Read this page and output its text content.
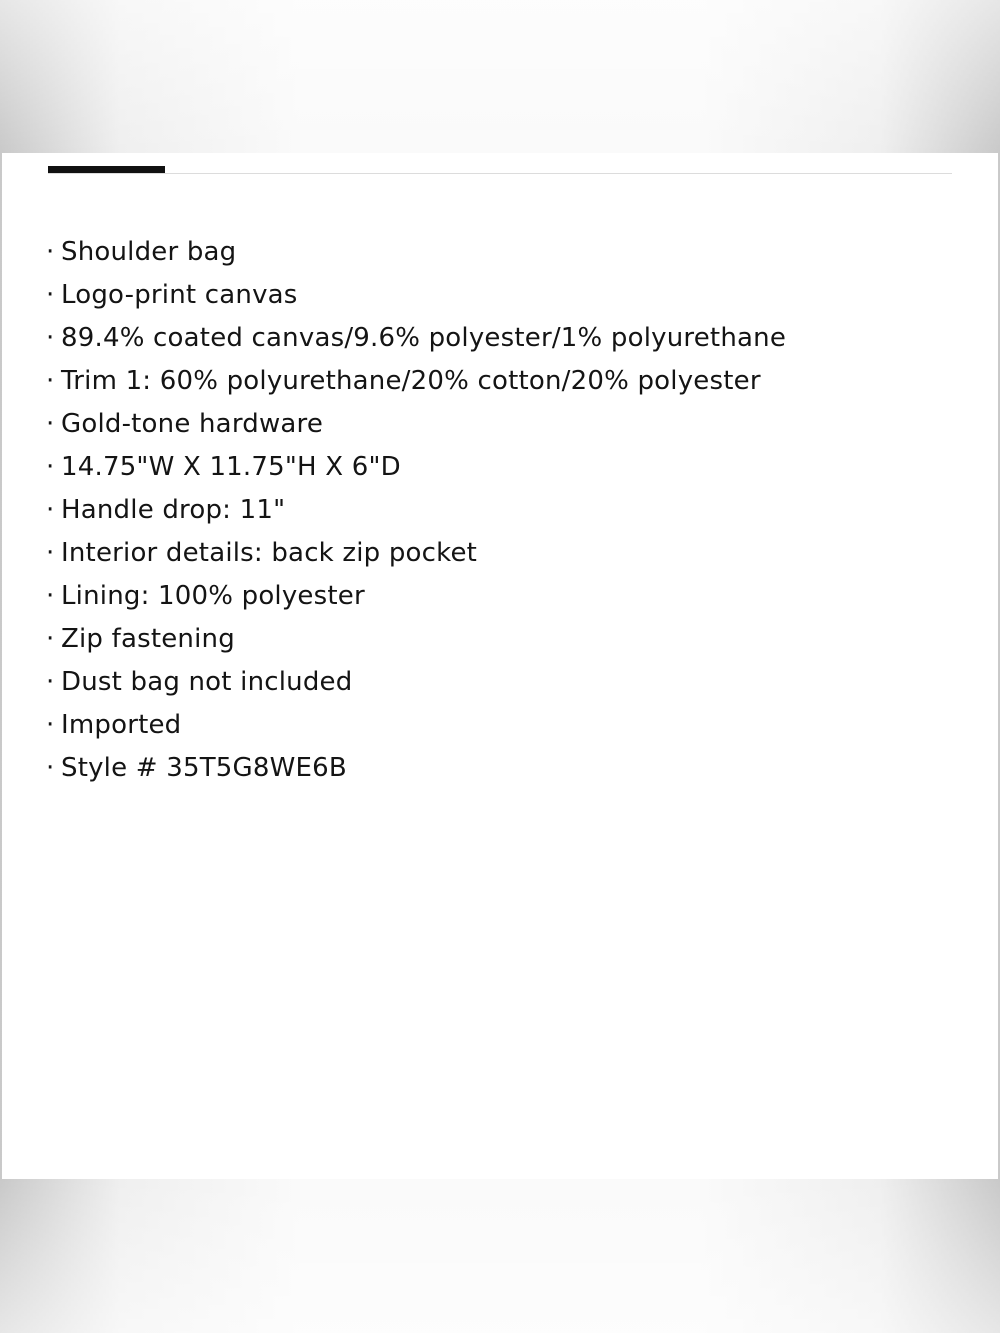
· Shoulder bag
· Logo-print canvas
· 89.4% coated canvas/9.6% polyester/1% polyurethane
· Trim 1: 60% polyurethane/20% cotton/20% polyester
· Gold-tone hardware
· 14.75"W X 11.75"H X 6"D
· Handle drop: 11"
· Interior details: back zip pocket
· Lining: 100% polyester
· Zip fastening
· Dust bag not included
· Imported
· Style # 35T5G8WE6B
